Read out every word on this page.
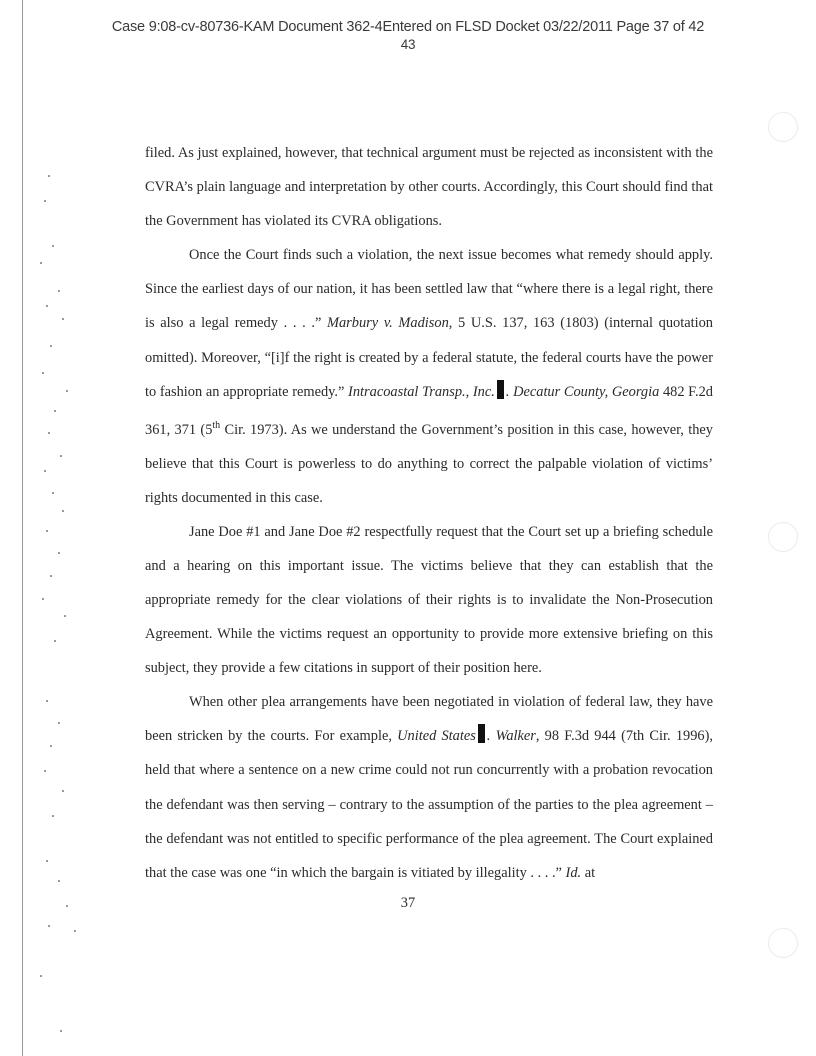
Case 9:08-cv-80736-KAM Document 362-4Entered on FLSD Docket 03/22/2011 Page 37 of 42
43

filed. As just explained, however, that technical argument must be rejected as inconsistent with the CVRA’s plain language and interpretation by other courts. Accordingly, this Court should find that the Government has violated its CVRA obligations.

Once the Court finds such a violation, the next issue becomes what remedy should apply. Since the earliest days of our nation, it has been settled law that “where there is a legal right, there is also a legal remedy . . . .” Marbury v. Madison, 5 U.S. 137, 163 (1803) (internal quotation omitted). Moreover, “[i]f the right is created by a federal statute, the federal courts have the power to fashion an appropriate remedy.” Intracoastal Transp., Inc. . Decatur County, Georgia 482 F.2d 361, 371 (5th Cir. 1973). As we understand the Government’s position in this case, however, they believe that this Court is powerless to do anything to correct the palpable violation of victims’ rights documented in this case.

Jane Doe #1 and Jane Doe #2 respectfully request that the Court set up a briefing schedule and a hearing on this important issue. The victims believe that they can establish that the appropriate remedy for the clear violations of their rights is to invalidate the Non-Prosecution Agreement. While the victims request an opportunity to provide more extensive briefing on this subject, they provide a few citations in support of their position here.

When other plea arrangements have been negotiated in violation of federal law, they have been stricken by the courts. For example, United States . Walker, 98 F.3d 944 (7th Cir. 1996), held that where a sentence on a new crime could not run concurrently with a probation revocation the defendant was then serving – contrary to the assumption of the parties to the plea agreement – the defendant was not entitled to specific performance of the plea agreement. The Court explained that the case was one “in which the bargain is vitiated by illegality . . . .” Id. at

37
